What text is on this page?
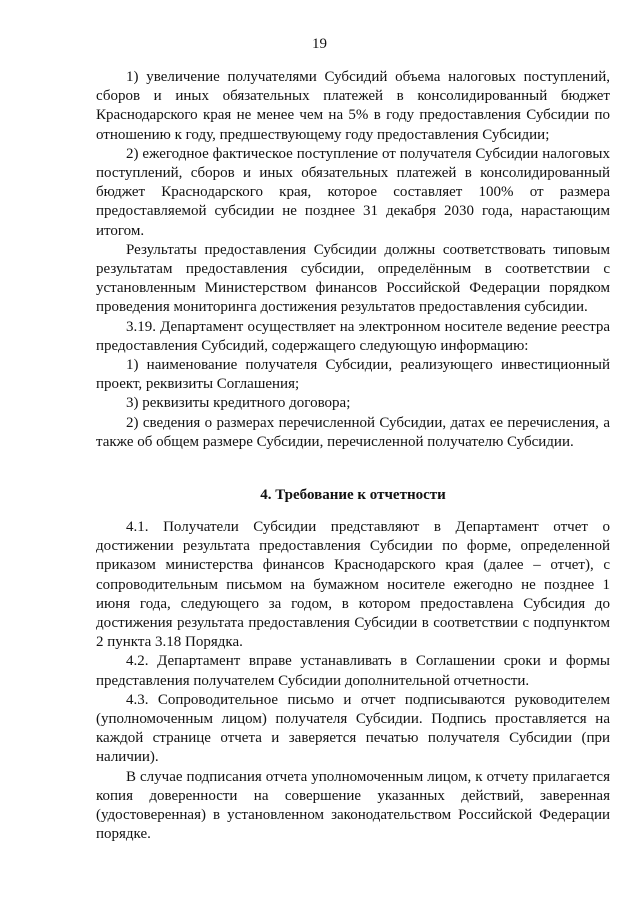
19

1) увеличение получателями Субсидий объема налоговых поступлений, сборов и иных обязательных платежей в консолидированный бюджет Краснодарского края не менее чем на 5% в году предоставления Субсидии по отношению к году, предшествующему году предоставления Субсидии;

2) ежегодное фактическое поступление от получателя Субсидии налоговых поступлений, сборов и иных обязательных платежей в консолидированный бюджет Краснодарского края, которое составляет 100% от размера предоставляемой субсидии не позднее 31 декабря 2030 года, нарастающим итогом.

Результаты предоставления Субсидии должны соответствовать типовым результатам предоставления субсидии, определённым в соответствии с установленным Министерством финансов Российской Федерации порядком проведения мониторинга достижения результатов предоставления субсидии.

3.19. Департамент осуществляет на электронном носителе ведение реестра предоставления Субсидий, содержащего следующую информацию:

1) наименование получателя Субсидии, реализующего инвестиционный проект, реквизиты Соглашения;

3) реквизиты кредитного договора;

2) сведения о размерах перечисленной Субсидии, датах ее перечисления, а также об общем размере Субсидии, перечисленной получателю Субсидии.

4. Требование к отчетности

4.1. Получатели Субсидии представляют в Департамент отчет о достижении результата предоставления Субсидии по форме, определенной приказом министерства финансов Краснодарского края (далее – отчет), с сопроводительным письмом на бумажном носителе ежегодно не позднее 1 июня года, следующего за годом, в котором предоставлена Субсидия до достижения результата предоставления Субсидии в соответствии с подпунктом 2 пункта 3.18 Порядка.

4.2. Департамент вправе устанавливать в Соглашении сроки и формы представления получателем Субсидии дополнительной отчетности.

4.3. Сопроводительное письмо и отчет подписываются руководителем (уполномоченным лицом) получателя Субсидии. Подпись проставляется на каждой странице отчета и заверяется печатью получателя Субсидии (при наличии).

В случае подписания отчета уполномоченным лицом, к отчету прилагается копия доверенности на совершение указанных действий, заверенная (удостоверенная) в установленном законодательством Российской Федерации порядке.
